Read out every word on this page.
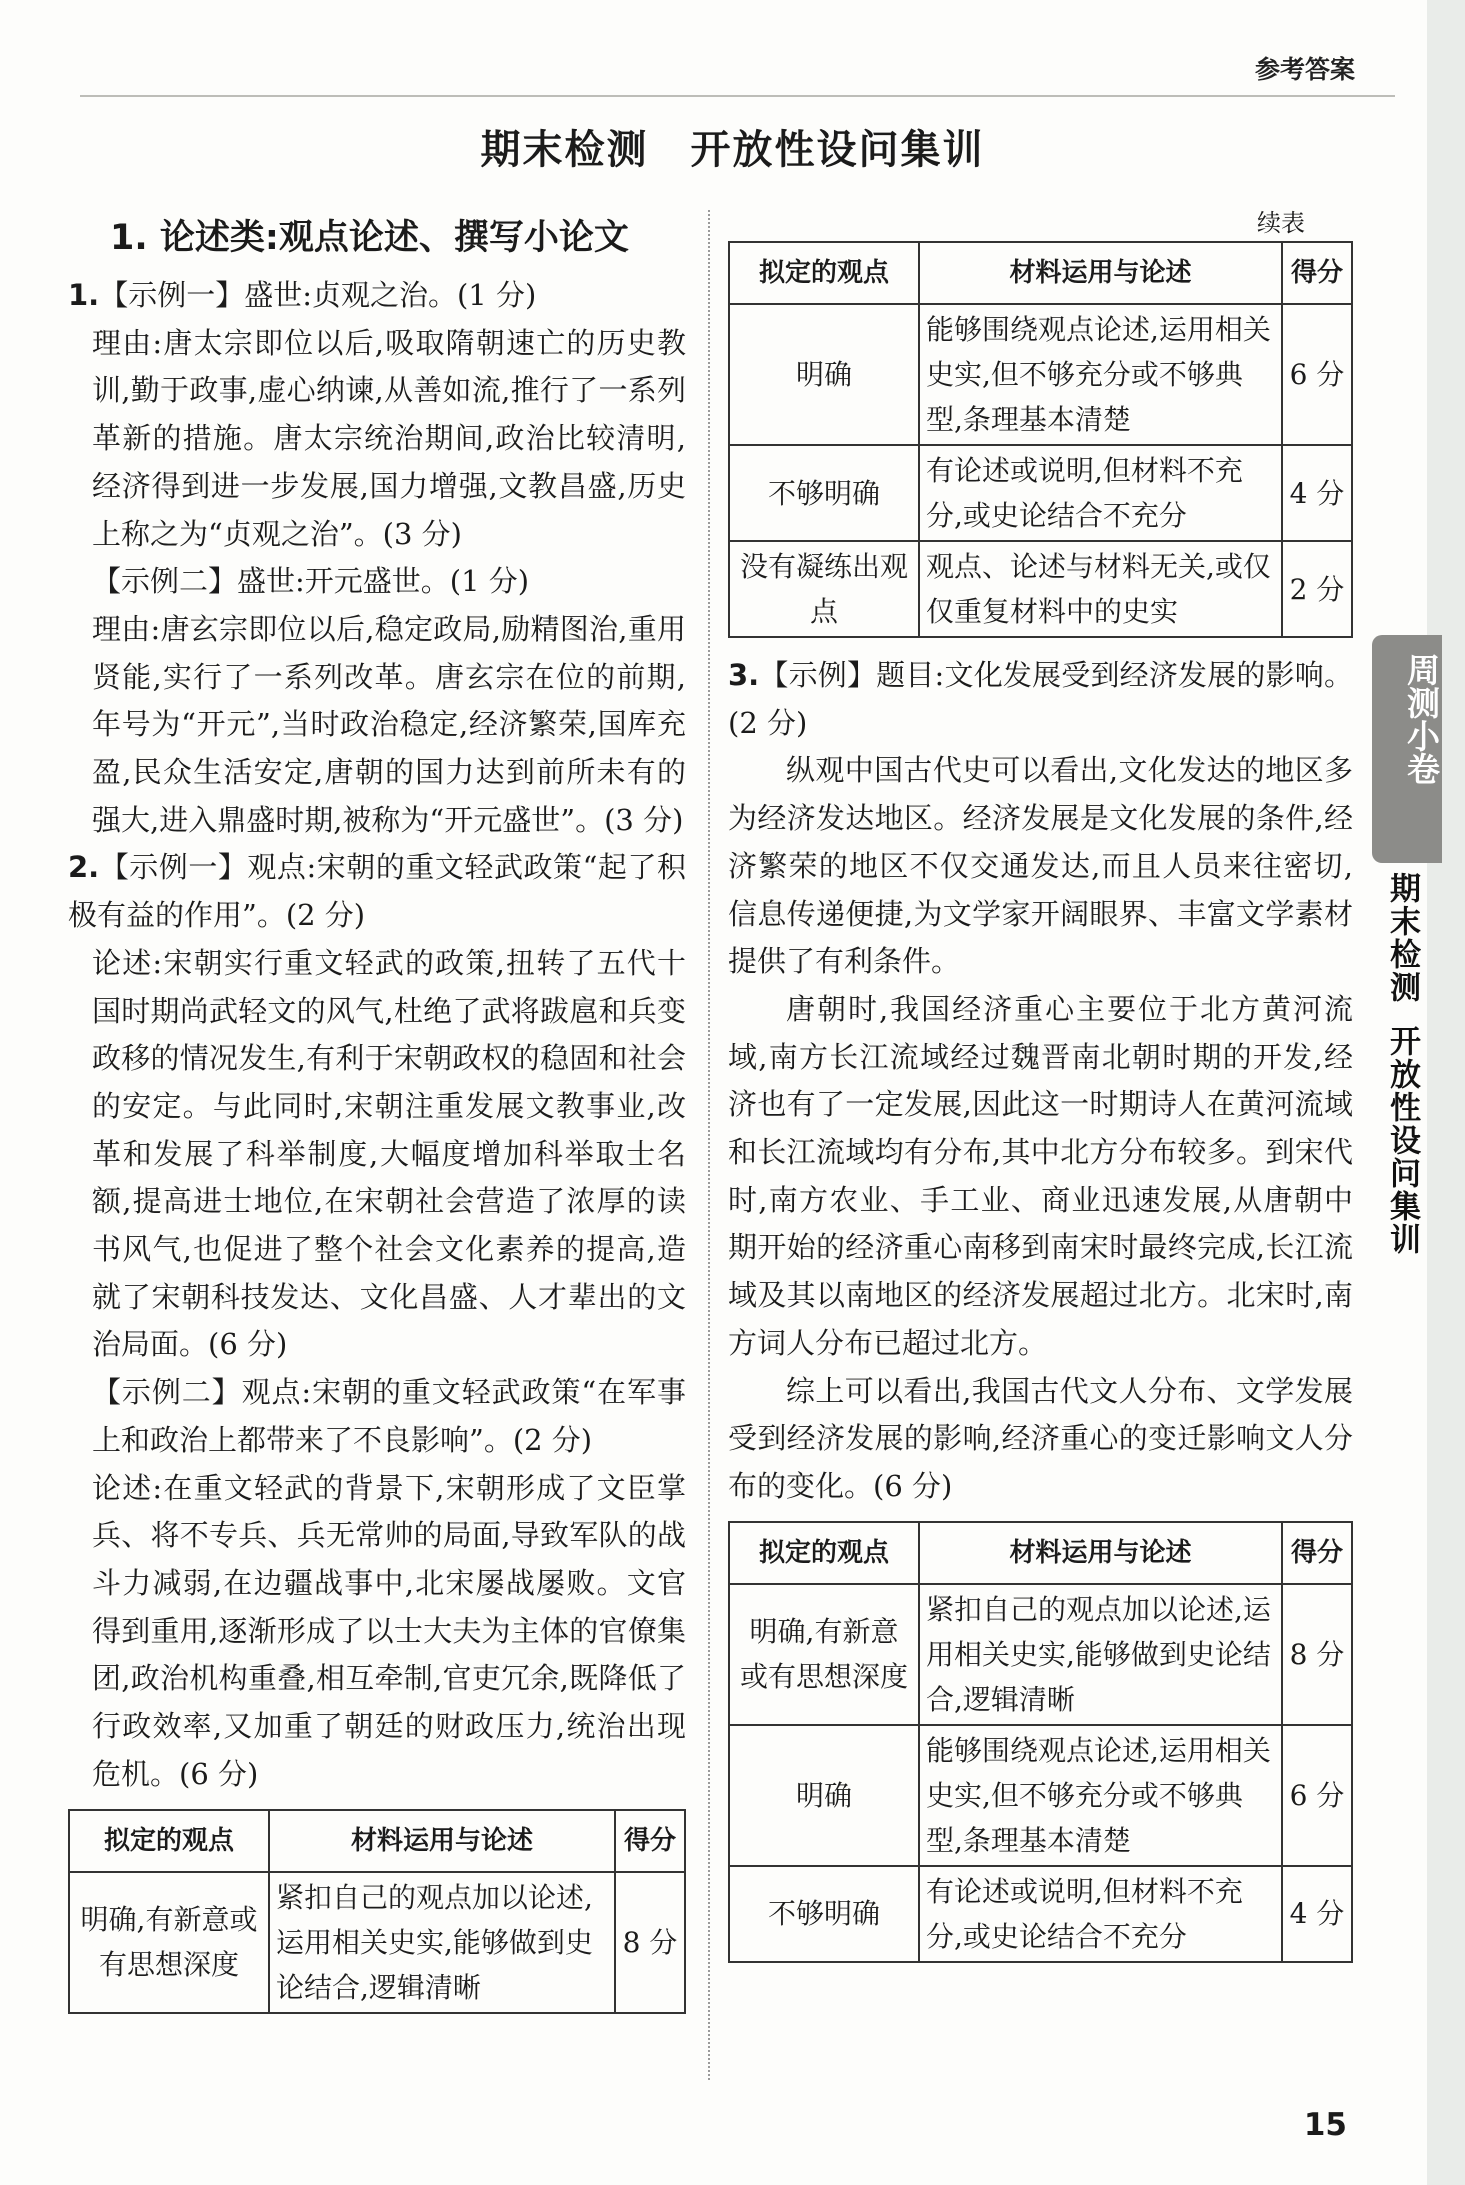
参考答案
期末检测　开放性设问集训
1. 论述类:观点论述、撰写小论文

1.【示例一】盛世:贞观之治。(1 分)

理由:唐太宗即位以后,吸取隋朝速亡的历史教训,勤于政事,虚心纳谏,从善如流,推行了一系列革新的措施。唐太宗统治期间,政治比较清明,经济得到进一步发展,国力增强,文教昌盛,历史上称之为“贞观之治”。(3 分)

【示例二】盛世:开元盛世。(1 分)

理由:唐玄宗即位以后,稳定政局,励精图治,重用贤能,实行了一系列改革。唐玄宗在位的前期,年号为“开元”,当时政治稳定,经济繁荣,国库充盈,民众生活安定,唐朝的国力达到前所未有的强大,进入鼎盛时期,被称为“开元盛世”。(3 分)

2.【示例一】观点:宋朝的重文轻武政策“起了积极有益的作用”。(2 分)

论述:宋朝实行重文轻武的政策,扭转了五代十国时期尚武轻文的风气,杜绝了武将跋扈和兵变政移的情况发生,有利于宋朝政权的稳固和社会的安定。与此同时,宋朝注重发展文教事业,改革和发展了科举制度,大幅度增加科举取士名额,提高进士地位,在宋朝社会营造了浓厚的读书风气,也促进了整个社会文化素养的提高,造就了宋朝科技发达、文化昌盛、人才辈出的文治局面。(6 分)

【示例二】观点:宋朝的重文轻武政策“在军事上和政治上都带来了不良影响”。(2 分)

论述:在重文轻武的背景下,宋朝形成了文臣掌兵、将不专兵、兵无常帅的局面,导致军队的战斗力减弱,在边疆战事中,北宋屡战屡败。文官得到重用,逐渐形成了以士大夫为主体的官僚集团,政治机构重叠,相互牵制,官吏冗余,既降低了行政效率,又加重了朝廷的财政压力,统治出现危机。(6 分)

拟定的观点	材料运用与论述	得分
明确,有新意或有思想深度	紧扣自己的观点加以论述,运用相关史实,能够做到史论结合,逻辑清晰	8 分
续表
拟定的观点	材料运用与论述	得分
明确	能够围绕观点论述,运用相关史实,但不够充分或不够典型,条理基本清楚	6 分
不够明确	有论述或说明,但材料不充分,或史论结合不充分	4 分
没有凝练出观点	观点、论述与材料无关,或仅仅重复材料中的史实	2 分

3.【示例】题目:文化发展受到经济发展的影响。(2 分)

纵观中国古代史可以看出,文化发达的地区多为经济发达地区。经济发展是文化发展的条件,经济繁荣的地区不仅交通发达,而且人员来往密切,信息传递便捷,为文学家开阔眼界、丰富文学素材提供了有利条件。

唐朝时,我国经济重心主要位于北方黄河流域,南方长江流域经过魏晋南北朝时期的开发,经济也有了一定发展,因此这一时期诗人在黄河流域和长江流域均有分布,其中北方分布较多。到宋代时,南方农业、手工业、商业迅速发展,从唐朝中期开始的经济重心南移到南宋时最终完成,长江流域及其以南地区的经济发展超过北方。北宋时,南方词人分布已超过北方。

综上可以看出,我国古代文人分布、文学发展受到经济发展的影响,经济重心的变迁影响文人分布的变化。(6 分)

拟定的观点	材料运用与论述	得分
明确,有新意或有思想深度	紧扣自己的观点加以论述,运用相关史实,能够做到史论结合,逻辑清晰	8 分
明确	能够围绕观点论述,运用相关史实,但不够充分或不够典型,条理基本清楚	6 分
不够明确	有论述或说明,但材料不充分,或史论结合不充分	4 分
周测小卷
期末检测
开放性设问集训
15
